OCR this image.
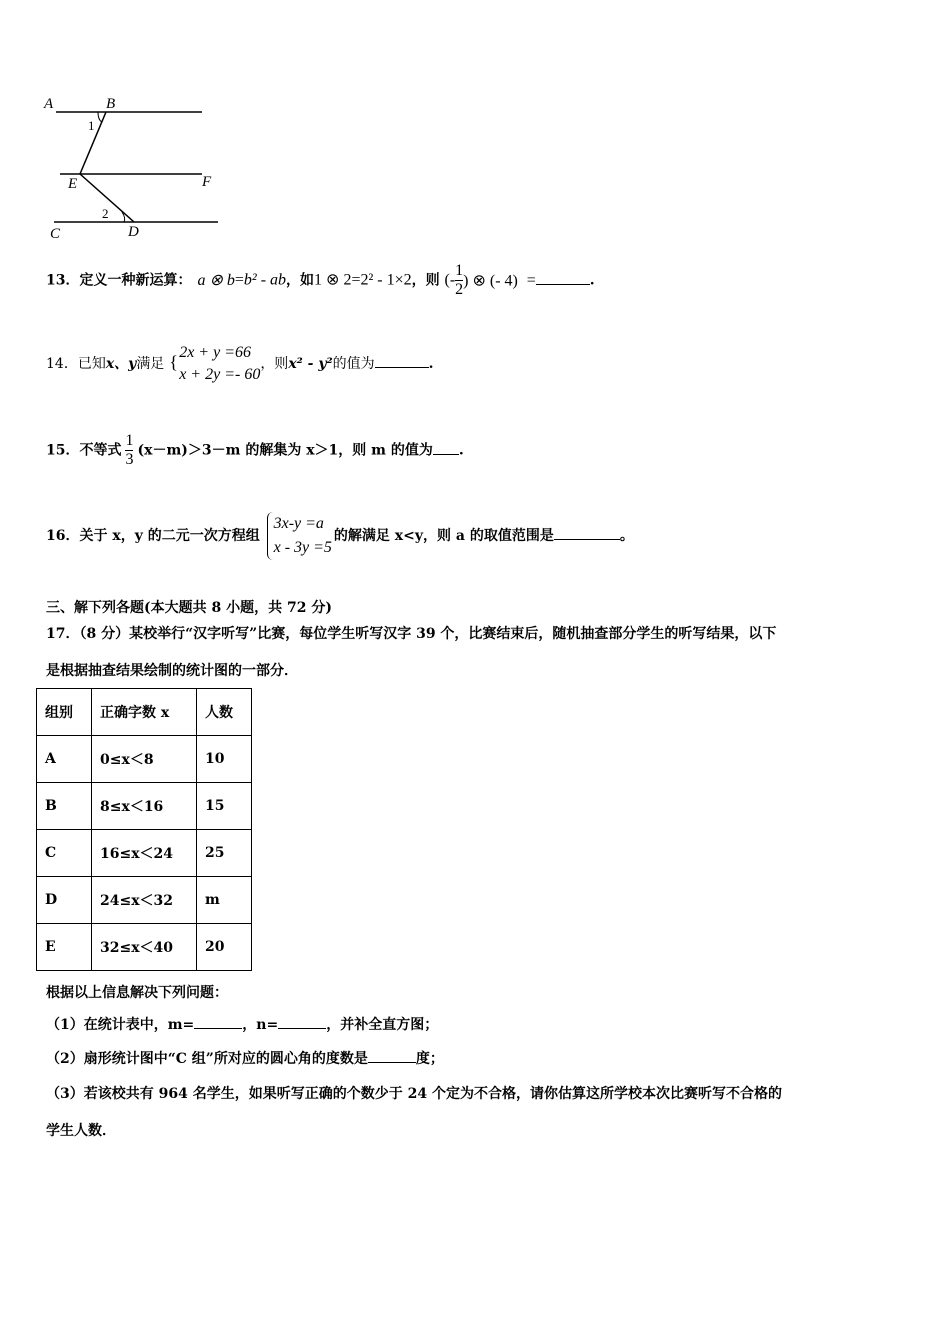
A	B
1
E	F
2
C	D
13．定义一种新运算： a ⊗ b=b² - ab，如1 ⊗ 2=2² - 1×2，则 (- $\frac{1}{2}$ ) ⊗ (- 4) =	.
14．已知x、y满足 { 2x + y =66
x + 2y =- 60
，则x² - y²的值为	.
15．不等式 $\frac{1}{3} (x-m)>3-m$ 的解集为 x＞1，则 m 的值为 .
16．关于 x，y 的二元一次方程组
3x-y =a
x - 3y =5
的解满足 x<y，则 a 的取值范围是	。
三、解下列各题(本大题共 8 小题，共 72 分)
17．（8 分）某校举行“汉字听写”比赛，每位学生听写汉字 39 个，比赛结束后，随机抽查部分学生的听写结果，以下
是根据抽查结果绘制的统计图的一部分．
组别	正确字数 x	人数
A	0≤x＜8	10
B	8≤x＜16	15
C	16≤x＜24	25
D	24≤x＜32	m
E	32≤x＜40	20
根据以上信息解决下列问题：
（1）在统计表中，m=	，n=	，并补全直方图；
（2）扇形统计图中“C 组”所对应的圆心角的度数是	度；
（3）若该校共有 964 名学生，如果听写正确的个数少于 24 个定为不合格，请你估算这所学校本次比赛听写不合格的
学生人数．
